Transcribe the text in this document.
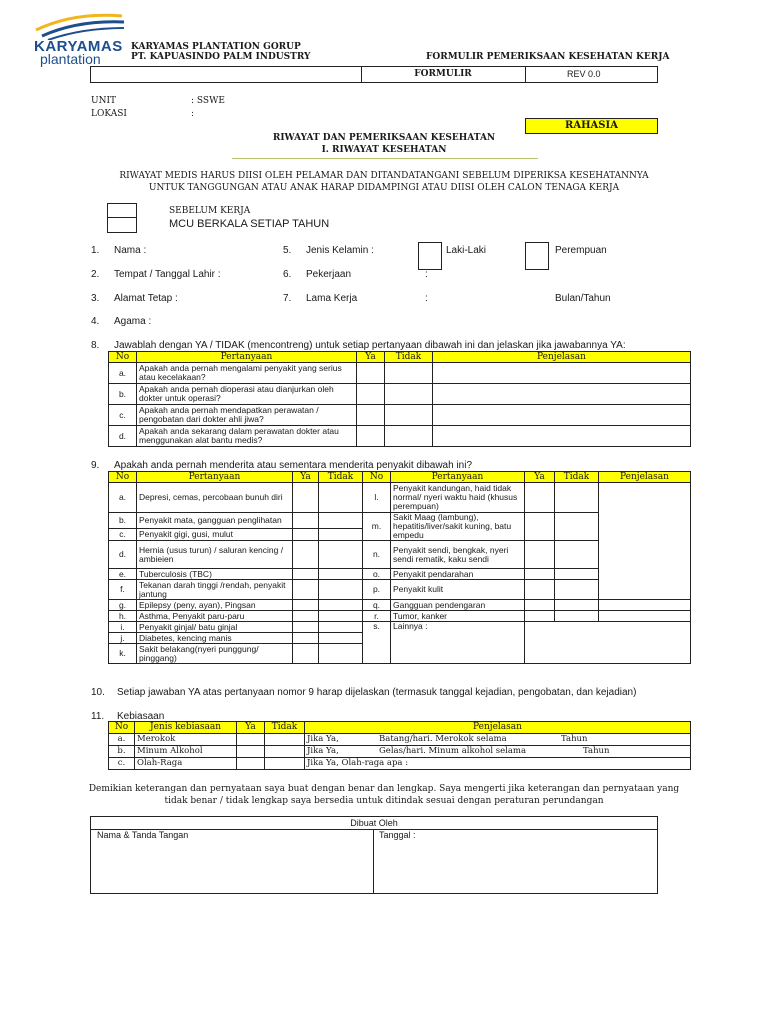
KARYAMAS
plantation
KARYAMAS PLANTATION GORUP
PT. KAPUASINDO PALM INDUSTRY	FORMULIR PEMERIKSAAN KESEHATAN KERJA
FORMULIR	REV 0.0
UNIT	: SSWE
LOKASI	:
RAHASIA
RIWAYAT DAN PEMERIKSAAN KESEHATAN
I. RIWAYAT KESEHATAN
RIWAYAT MEDIS HARUS DIISI OLEH PELAMAR DAN DITANDATANGANI SEBELUM DIPERIKSA KESEHATANNYA
UNTUK TANGGUNGAN ATAU ANAK HARAP DIDAMPINGI ATAU DIISI OLEH CALON TENAGA KERJA
SEBELUM KERJA
MCU BERKALA SETIAP TAHUN
1. Nama :	5. Jenis Kelamin :	Laki-Laki	Perempuan
2. Tempat / Tanggal Lahir :	6. Pekerjaan	:
3. Alamat Tetap :	7. Lama Kerja	:	Bulan/Tahun
4. Agama :
8. Jawablah dengan YA / TIDAK (mencontreng) untuk setiap pertanyaan dibawah ini dan jelaskan jika jawabannya YA:
No	Pertanyaan	Ya	Tidak	Penjelasan
a.	Apakah anda pernah mengalami penyakit yang serius atau kecelakaan?			
b.	Apakah anda pernah dioperasi atau dianjurkan oleh dokter untuk operasi?			
c.	Apakah anda pernah mendapatkan perawatan / pengobatan dari dokter ahli jiwa?			
d.	Apakah anda sekarang dalam perawatan dokter atau menggunakan alat bantu medis?			
9. Apakah anda pernah menderita atau sementara menderita penyakit dibawah ini?
No	Pertanyaan	Ya	Tidak	No	Pertanyaan	Ya	Tidak	Penjelasan
a.	Depresi, cemas, percobaan bunuh diri			l.	Penyakit kandungan, haid tidak normal/ nyeri waktu haid (khusus perempuan)			
b.	Penyakit mata, gangguan penglihatan			m.	Sakit Maag (lambung), hepatitis/liver/sakit kuning, batu empedu			
c.	Penyakit gigi, gusi, mulut							
d.	Hernia (usus turun) / saluran kencing / ambieien			n.	Penyakit sendi, bengkak, nyeri sendi rematik, kaku sendi			
e.	Tuberculosis (TBC)			o.	Penyakit pendarahan			
f.	Tekanan darah tinggi /rendah, penyakit jantung			p.	Penyakit kulit			
g.	Epilepsy (peny, ayan), Pingsan			q.	Gangguan pendengaran			
h.	Asthma, Penyakit paru-paru			r.	Tumor, kanker			
i.	Penyakit ginjal/ batu ginjal			s.	Lainnya :			
j.	Diabetes, kencing manis							
k.	Sakit belakang(nyeri punggung/ pinggang)							
10. Setiap jawaban YA atas pertanyaan nomor 9 harap dijelaskan (termasuk tanggal kejadian, pengobatan, dan kejadian)
11. Kebiasaan
No	Jenis kebiasaan	Ya	Tidak	Penjelasan
a.	Merokok			Jika Ya, Batang/hari. Merokok selama Tahun

b.	Minum Alkohol			Jika Ya, Gelas/hari. Minum alkohol selama Tahun

c.	Olah-Raga			Jika Ya, Olah-raga apa :
Demikian keterangan dan pernyataan saya buat dengan benar dan lengkap. Saya mengerti jika keterangan dan pernyataan yang
tidak benar / tidak lengkap saya bersedia untuk ditindak sesuai dengan peraturan perundangan
Dibuat Oleh
Nama & Tanda Tangan	Tanggal :
